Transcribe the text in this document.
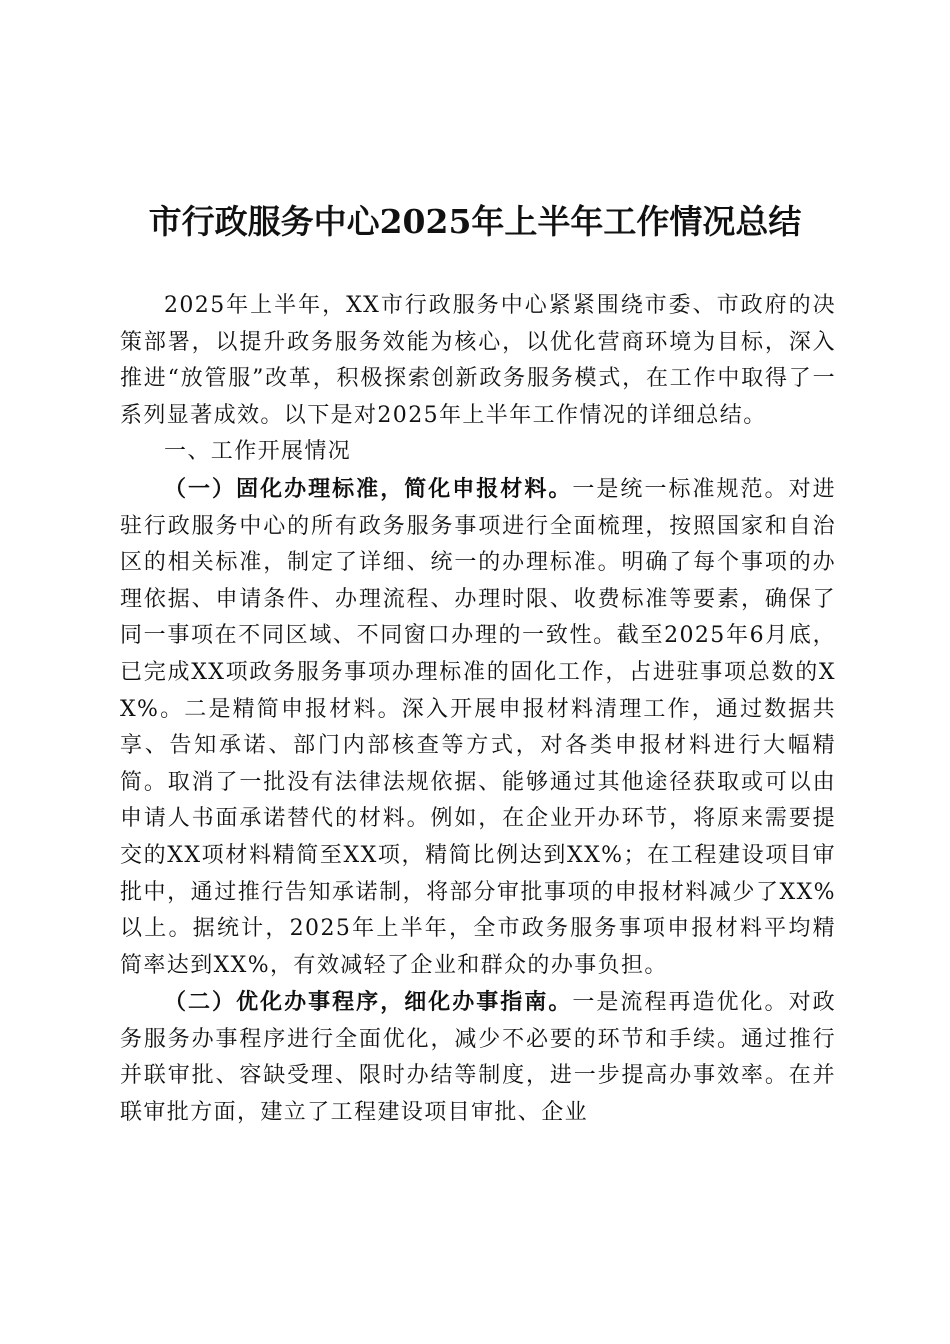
市行政服务中心2025年上半年工作情况总结

2025年上半年，XX市行政服务中心紧紧围绕市委、市政府的决策部署，以提升政务服务效能为核心，以优化营商环境为目标，深入推进“放管服”改革，积极探索创新政务服务模式，在工作中取得了一系列显著成效。以下是对2025年上半年工作情况的详细总结。

一、工作开展情况

（一）固化办理标准，简化申报材料。一是统一标准规范。对进驻行政服务中心的所有政务服务事项进行全面梳理，按照国家和自治区的相关标准，制定了详细、统一的办理标准。明确了每个事项的办理依据、申请条件、办理流程、办理时限、收费标准等要素，确保了同一事项在不同区域、不同窗口办理的一致性。截至2025年6月底，已完成XX项政务服务事项办理标准的固化工作，占进驻事项总数的XX%。二是精简申报材料。深入开展申报材料清理工作，通过数据共享、告知承诺、部门内部核查等方式，对各类申报材料进行大幅精简。取消了一批没有法律法规依据、能够通过其他途径获取或可以由申请人书面承诺替代的材料。例如，在企业开办环节，将原来需要提交的XX项材料精简至XX项，精简比例达到XX%；在工程建设项目审批中，通过推行告知承诺制，将部分审批事项的申报材料减少了XX%以上。据统计，2025年上半年，全市政务服务事项申报材料平均精简率达到XX%，有效减轻了企业和群众的办事负担。

（二）优化办事程序，细化办事指南。一是流程再造优化。对政务服务办事程序进行全面优化，减少不必要的环节和手续。通过推行并联审批、容缺受理、限时办结等制度，进一步提高办事效率。在并联审批方面，建立了工程建设项目审批、企业
